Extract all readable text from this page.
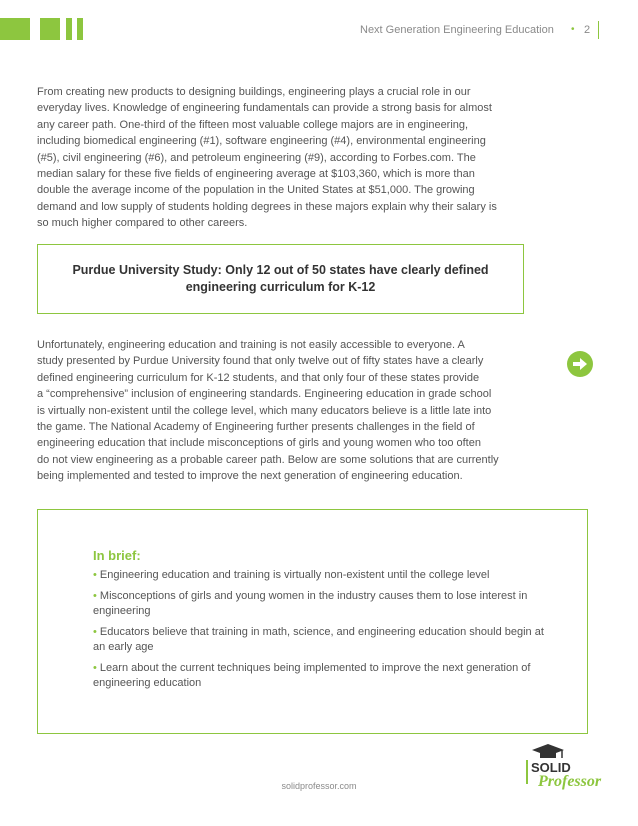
Next Generation Engineering Education • 2

From creating new products to designing buildings, engineering plays a crucial role in our
everyday lives. Knowledge of engineering fundamentals can provide a strong basis for almost
any career path. One-third of the fifteen most valuable college majors are in engineering,
including biomedical engineering (#1), software engineering (#4), environmental engineering
(#5), civil engineering (#6), and petroleum engineering (#9), according to Forbes.com. The
median salary for these five fields of engineering average at $103,360, which is more than
double the average income of the population in the United States at $51,000. The growing
demand and low supply of students holding degrees in these majors explain why their salary is
so much higher compared to other careers.

Purdue University Study: Only 12 out of 50 states have clearly defined engineering curriculum for K-12

Unfortunately, engineering education and training is not easily accessible to everyone. A
study presented by Purdue University found that only twelve out of fifty states have a clearly
defined engineering curriculum for K-12 students, and that only four of these states provide
a “comprehensive” inclusion of engineering standards. Engineering education in grade school
is virtually non-existent until the college level, which many educators believe is a little late into
the game. The National Academy of Engineering further presents challenges in the field of
engineering education that include misconceptions of girls and young women who too often
do not view engineering as a probable career path. Below are some solutions that are currently
being implemented and tested to improve the next generation of engineering education.

In brief:
• Engineering education and training is virtually non-existent until the college level
• Misconceptions of girls and young women in the industry causes them to lose interest in engineering
• Educators believe that training in math, science, and engineering education should begin at an early age
• Learn about the current techniques being implemented to improve the next generation of engineering education
solidprofessor.com
SOLID
Professor
